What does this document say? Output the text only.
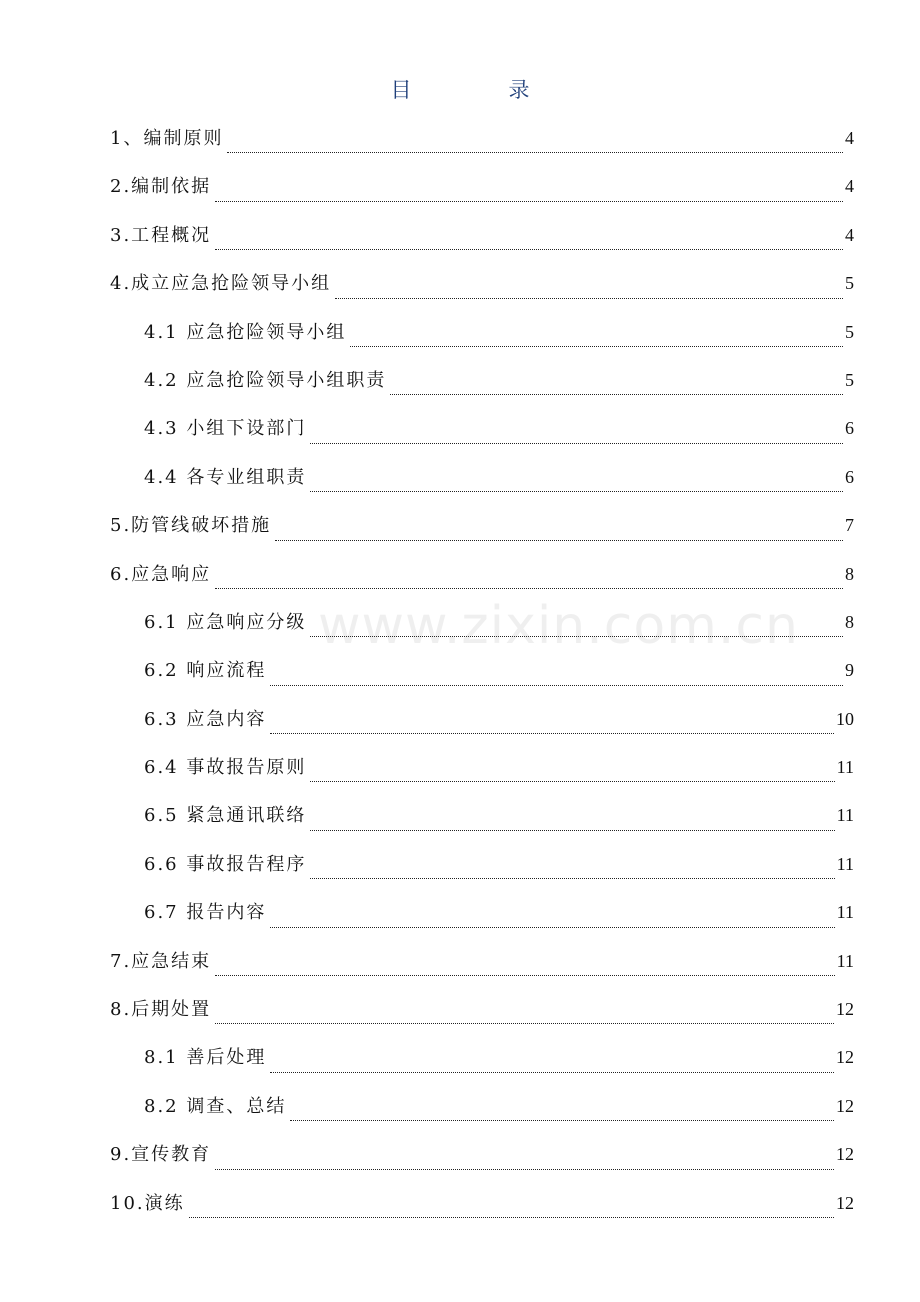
目　录
1、编制原则	4
2.编制依据	4
3.工程概况	4
4.成立应急抢险领导小组	5
4.1 应急抢险领导小组	5
4.2 应急抢险领导小组职责	5
4.3 小组下设部门	6
4.4 各专业组职责	6
5.防管线破坏措施	7
6.应急响应	8
6.1 应急响应分级	8
6.2 响应流程	9
6.3 应急内容	10
6.4 事故报告原则	11
6.5 紧急通讯联络	11
6.6 事故报告程序	11
6.7 报告内容	11
7.应急结束	11
8.后期处置	12
8.1 善后处理	12
8.2 调查、总结	12
9.宣传教育	12
10.演练	12
www.zixin.com.cn
